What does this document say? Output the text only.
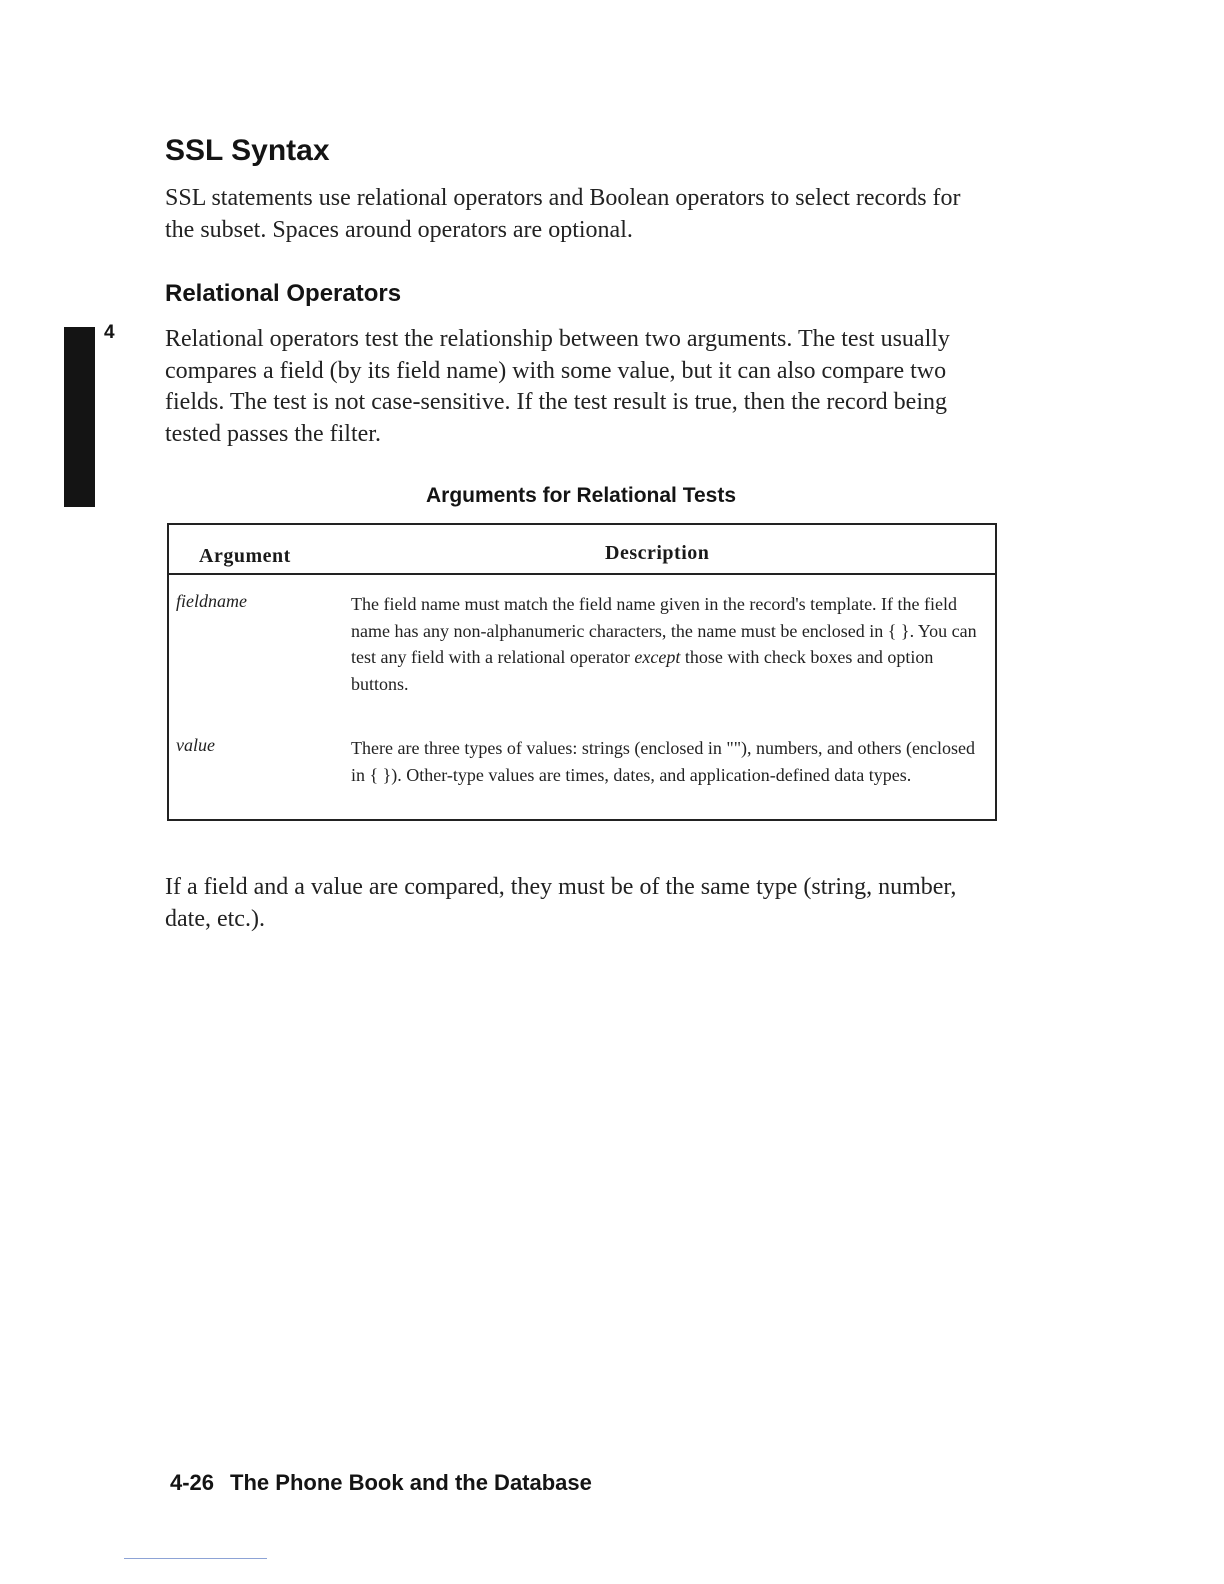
4
SSL Syntax

SSL statements use relational operators and Boolean operators to select records for the subset. Spaces around operators are optional.

Relational Operators

Relational operators test the relationship between two arguments. The test usually compares a field (by its field name) with some value, but it can also compare two fields. The test is not case-sensitive. If the test result is true, then the record being tested passes the filter.

Arguments for Relational Tests
Argument	Description
fieldname	The field name must match the field name given in the record's template. If the field name has any non-alphanumeric characters, the name must be enclosed in { }. You can test any field with a relational operator except those with check boxes and option buttons.

value	There are three types of values: strings (enclosed in ""), numbers, and others (enclosed in { }). Other-type values are times, dates, and application-defined data types.

If a field and a value are compared, they must be of the same type (string, number, date, etc.).

4-26 The Phone Book and the Database
